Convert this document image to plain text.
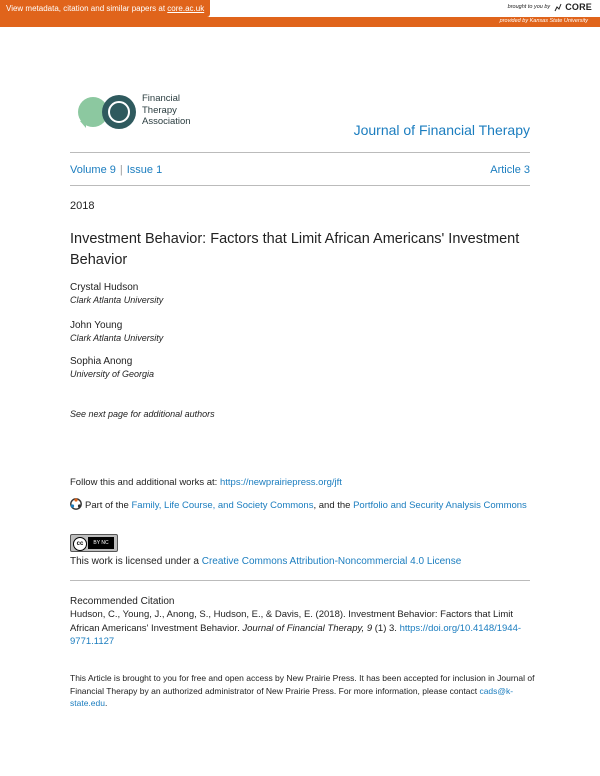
View metadata, citation and similar papers at core.ac.uk	brought to you by CORE
provided by Kansas State University
Financial
Therapy
Association
Journal of Financial Therapy
Volume 9 | Issue 1	Article 3
2018
Investment Behavior: Factors that Limit African Americans' Investment Behavior
Crystal Hudson
Clark Atlanta University
John Young
Clark Atlanta University
Sophia Anong
University of Georgia
See next page for additional authors
Follow this and additional works at: https://newprairiepress.org/jft
Part of the Family, Life Course, and Society Commons, and the Portfolio and Security Analysis Commons
cc	BY NC
This work is licensed under a Creative Commons Attribution-Noncommercial 4.0 License
Recommended Citation
Hudson, C., Young, J., Anong, S., Hudson, E., & Davis, E. (2018). Investment Behavior: Factors that Limit African Americans' Investment Behavior. Journal of Financial Therapy, 9 (1) 3. https://doi.org/10.4148/1944-9771.1127
This Article is brought to you for free and open access by New Prairie Press. It has been accepted for inclusion in Journal of Financial Therapy by an authorized administrator of New Prairie Press. For more information, please contact cads@k-state.edu.
